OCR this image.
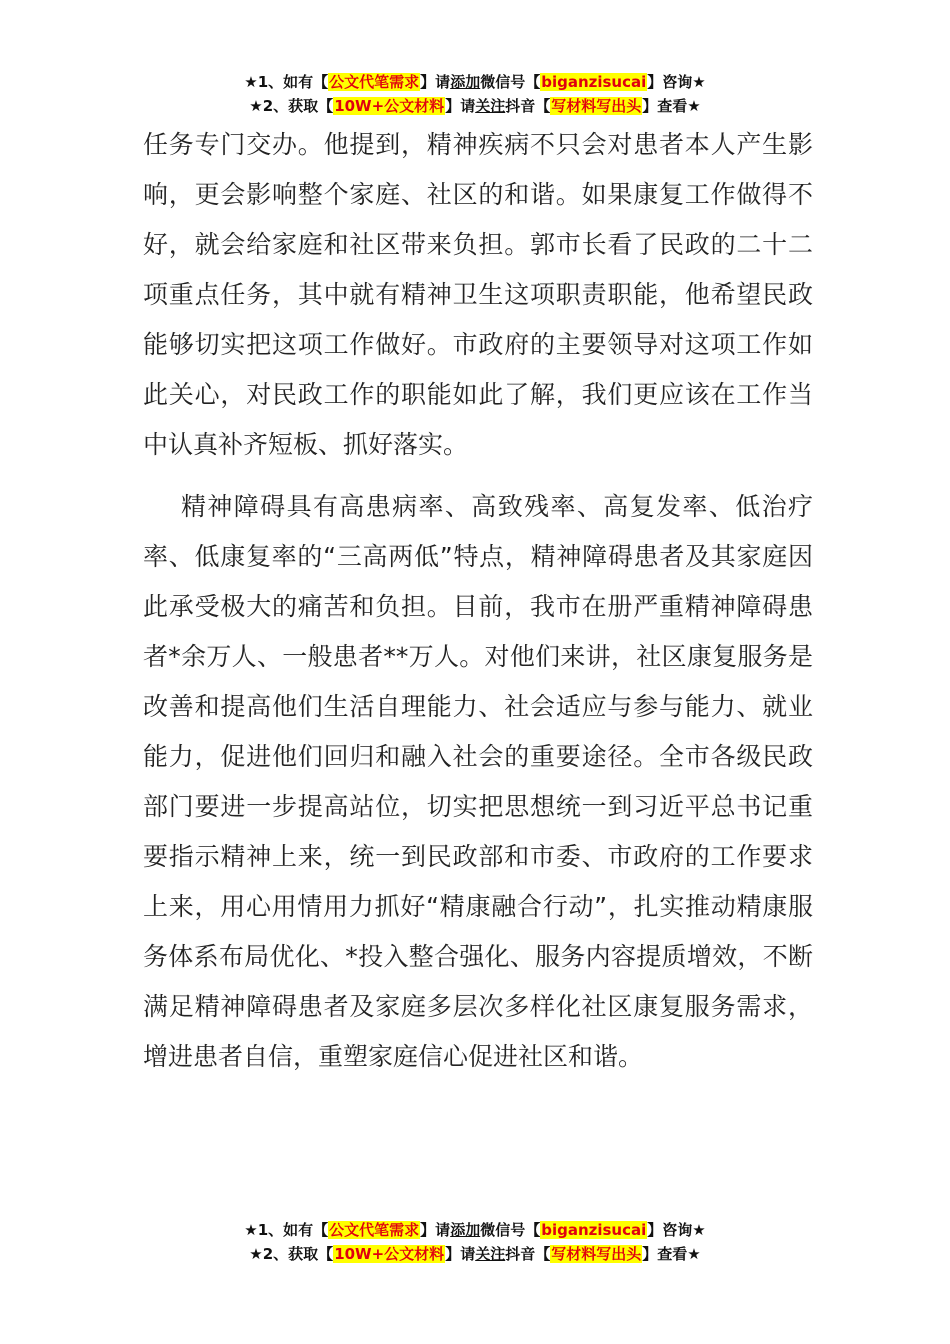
★1、如有【公文代笔需求】请添加微信号【biganzisucai】咨询★
★2、获取【10W+公文材料】请关注抖音【写材料写出头】查看★

任务专门交办。他提到，精神疾病不只会对患者本人产生影响，更会影响整个家庭、社区的和谐。如果康复工作做得不好，就会给家庭和社区带来负担。郭市长看了民政的二十二项重点任务，其中就有精神卫生这项职责职能，他希望民政能够切实把这项工作做好。市政府的主要领导对这项工作如此关心，对民政工作的职能如此了解，我们更应该在工作当中认真补齐短板、抓好落实。

精神障碍具有高患病率、高致残率、高复发率、低治疗率、低康复率的“三高两低”特点，精神障碍患者及其家庭因此承受极大的痛苦和负担。目前，我市在册严重精神障碍患者*余万人、一般患者**万人。对他们来讲，社区康复服务是改善和提高他们生活自理能力、社会适应与参与能力、就业能力，促进他们回归和融入社会的重要途径。全市各级民政部门要进一步提高站位，切实把思想统一到习近平总书记重要指示精神上来，统一到民政部和市委、市政府的工作要求上来，用心用情用力抓好“精康融合行动”，扎实推动精康服务体系布局优化、*投入整合强化、服务内容提质增效，不断满足精神障碍患者及家庭多层次多样化社区康复服务需求，增进患者自信，重塑家庭信心促进社区和谐。

★1、如有【公文代笔需求】请添加微信号【biganzisucai】咨询★
★2、获取【10W+公文材料】请关注抖音【写材料写出头】查看★
